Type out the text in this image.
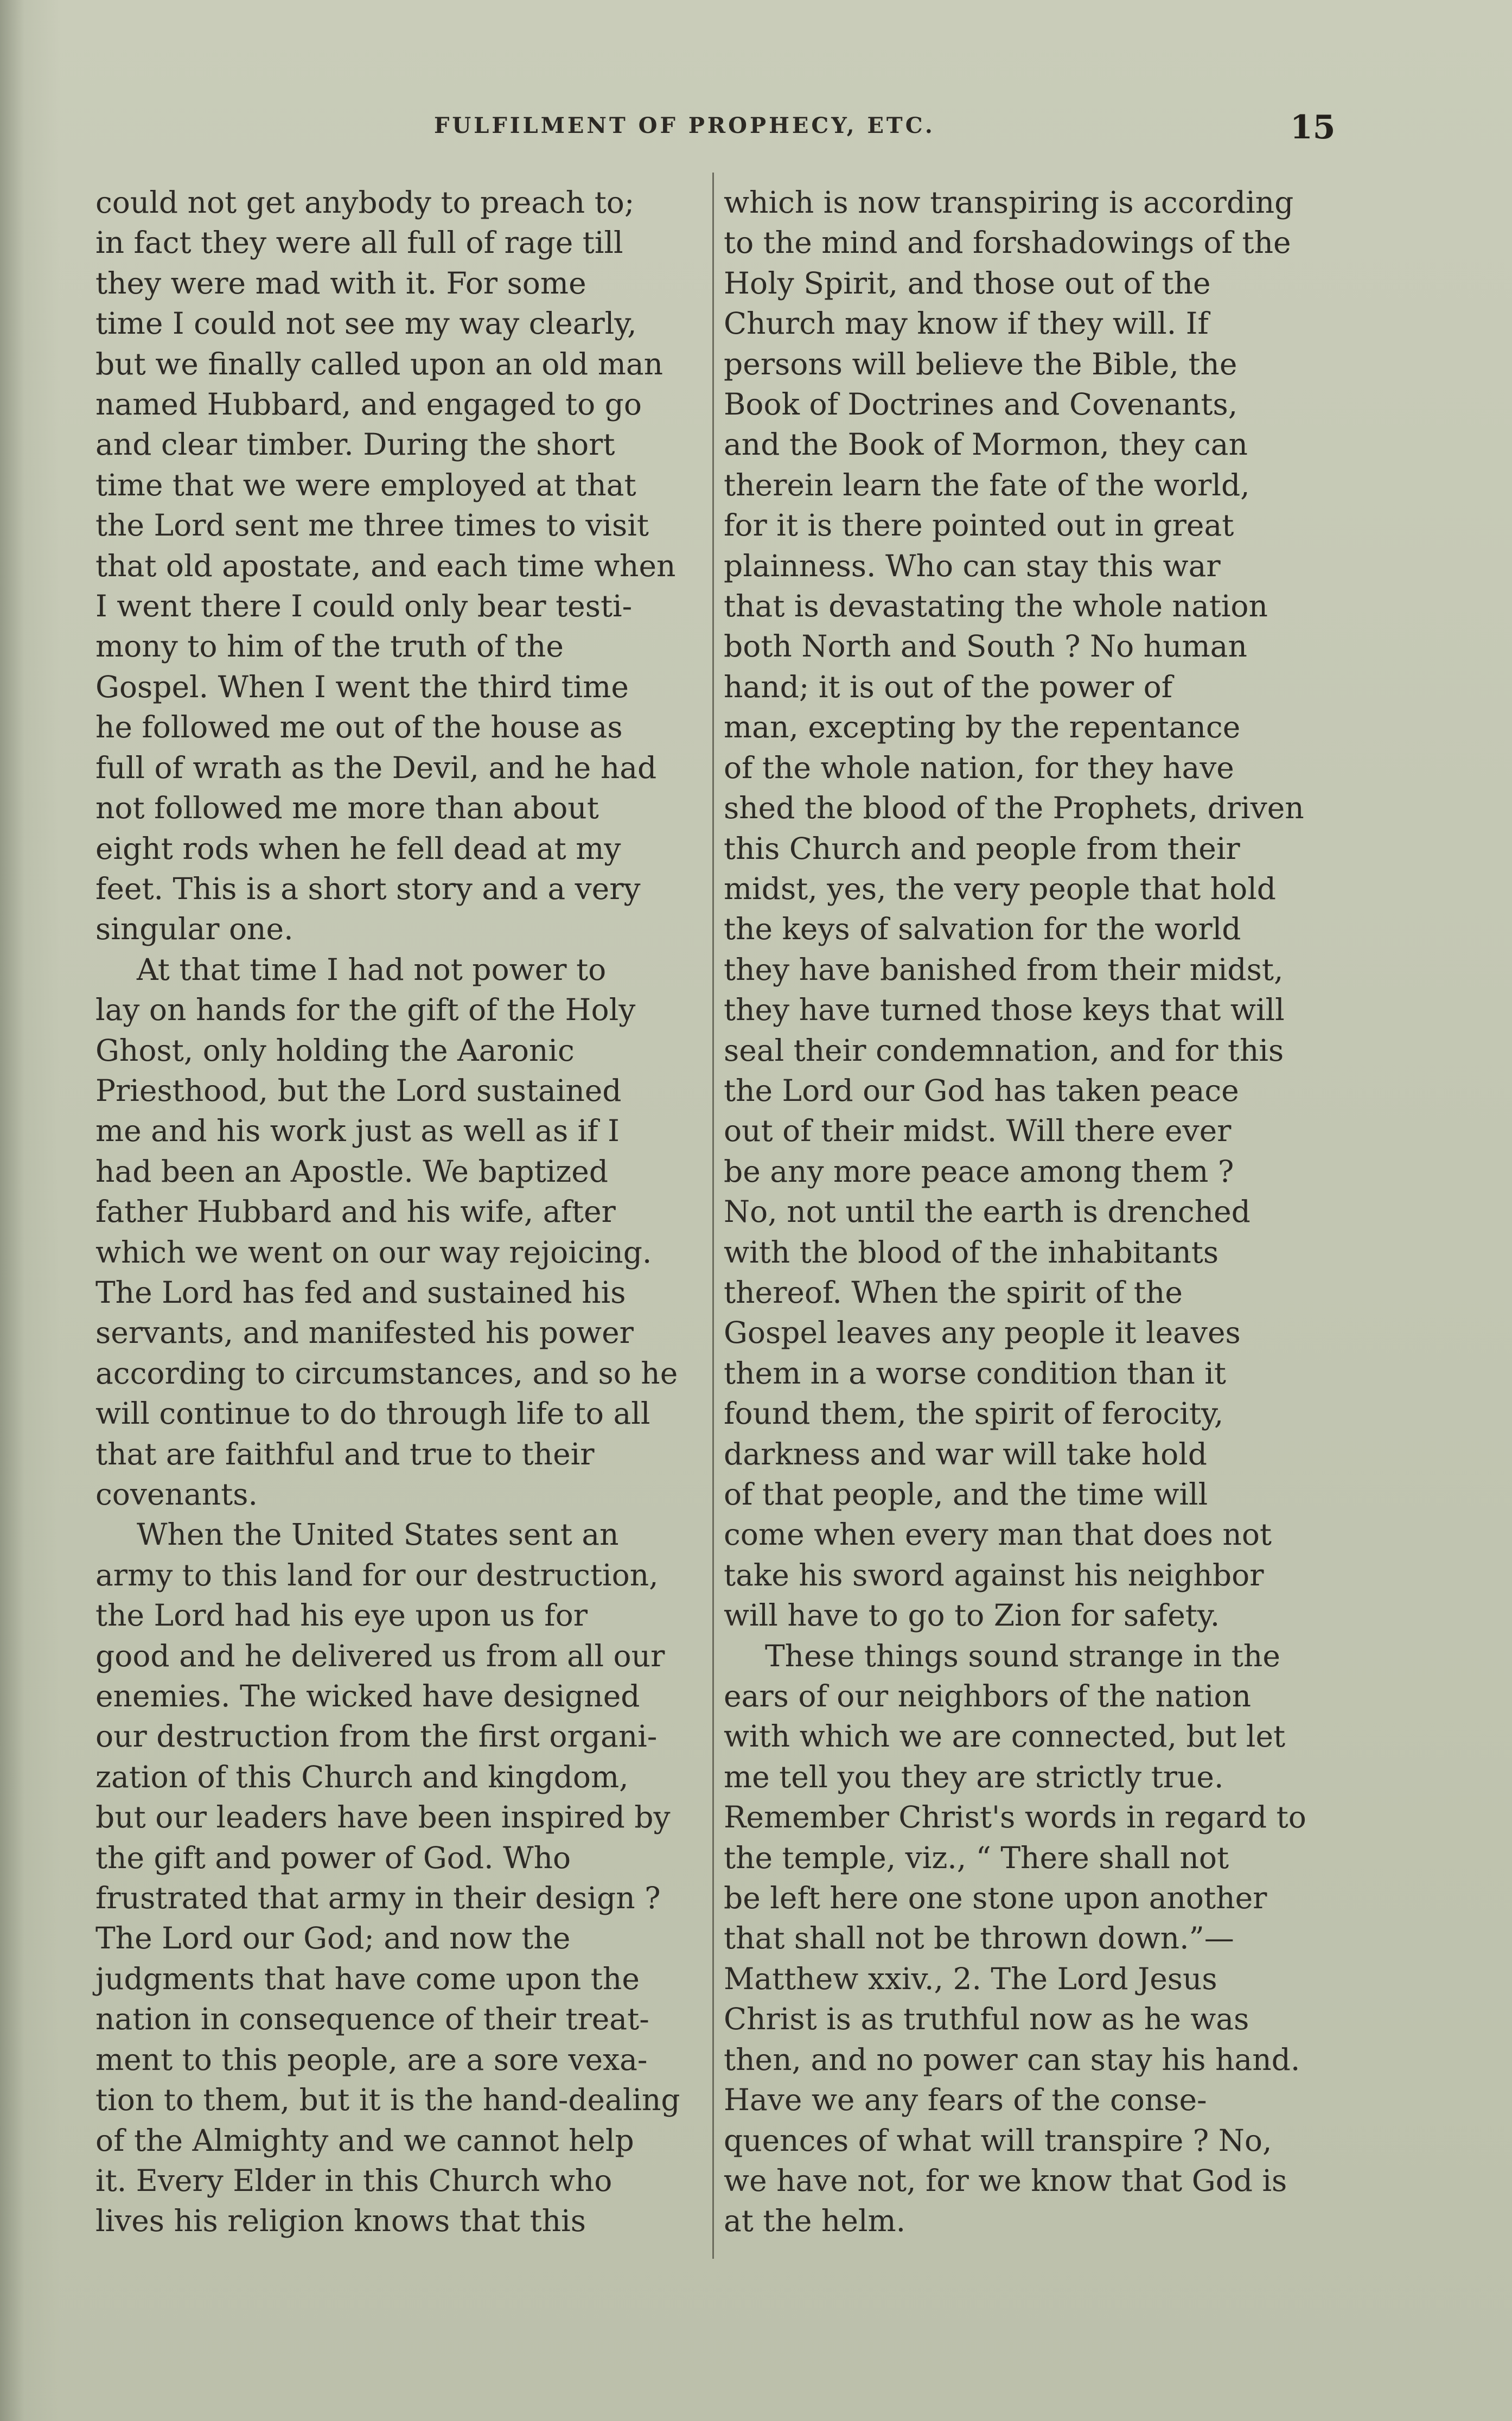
FULFILMENT OF PROPHECY, ETC.	15
could not get anybody to preach to;
in fact they were all full of rage till
they were mad with it. For some
time I could not see my way clearly,
but we finally called upon an old man
named Hubbard, and engaged to go
and clear timber. During the short
time that we were employed at that
the Lord sent me three times to visit
that old apostate, and each time when
I went there I could only bear testi-
mony to him of the truth of the
Gospel. When I went the third time
he followed me out of the house as
full of wrath as the Devil, and he had
not followed me more than about
eight rods when he fell dead at my
feet. This is a short story and a very
singular one.
At that time I had not power to
lay on hands for the gift of the Holy
Ghost, only holding the Aaronic
Priesthood, but the Lord sustained
me and his work just as well as if I
had been an Apostle. We baptized
father Hubbard and his wife, after
which we went on our way rejoicing.
The Lord has fed and sustained his
servants, and manifested his power
according to circumstances, and so he
will continue to do through life to all
that are faithful and true to their
covenants.
When the United States sent an
army to this land for our destruction,
the Lord had his eye upon us for
good and he delivered us from all our
enemies. The wicked have designed
our destruction from the first organi-
zation of this Church and kingdom,
but our leaders have been inspired by
the gift and power of God. Who
frustrated that army in their design ?
The Lord our God; and now the
judgments that have come upon the
nation in consequence of their treat-
ment to this people, are a sore vexa-
tion to them, but it is the hand-dealing
of the Almighty and we cannot help
it. Every Elder in this Church who
lives his religion knows that this
which is now transpiring is according
to the mind and forshadowings of the
Holy Spirit, and those out of the
Church may know if they will. If
persons will believe the Bible, the
Book of Doctrines and Covenants,
and the Book of Mormon, they can
therein learn the fate of the world,
for it is there pointed out in great
plainness. Who can stay this war
that is devastating the whole nation
both North and South ? No human
hand; it is out of the power of
man, excepting by the repentance
of the whole nation, for they have
shed the blood of the Prophets, driven
this Church and people from their
midst, yes, the very people that hold
the keys of salvation for the world
they have banished from their midst,
they have turned those keys that will
seal their condemnation, and for this
the Lord our God has taken peace
out of their midst. Will there ever
be any more peace among them ?
No, not until the earth is drenched
with the blood of the inhabitants
thereof. When the spirit of the
Gospel leaves any people it leaves
them in a worse condition than it
found them, the spirit of ferocity,
darkness and war will take hold
of that people, and the time will
come when every man that does not
take his sword against his neighbor
will have to go to Zion for safety.
These things sound strange in the
ears of our neighbors of the nation
with which we are connected, but let
me tell you they are strictly true.
Remember Christ's words in regard to
the temple, viz., “ There shall not
be left here one stone upon another
that shall not be thrown down.”—
Matthew xxiv., 2. The Lord Jesus
Christ is as truthful now as he was
then, and no power can stay his hand.
Have we any fears of the conse-
quences of what will transpire ? No,
we have not, for we know that God is
at the helm.
